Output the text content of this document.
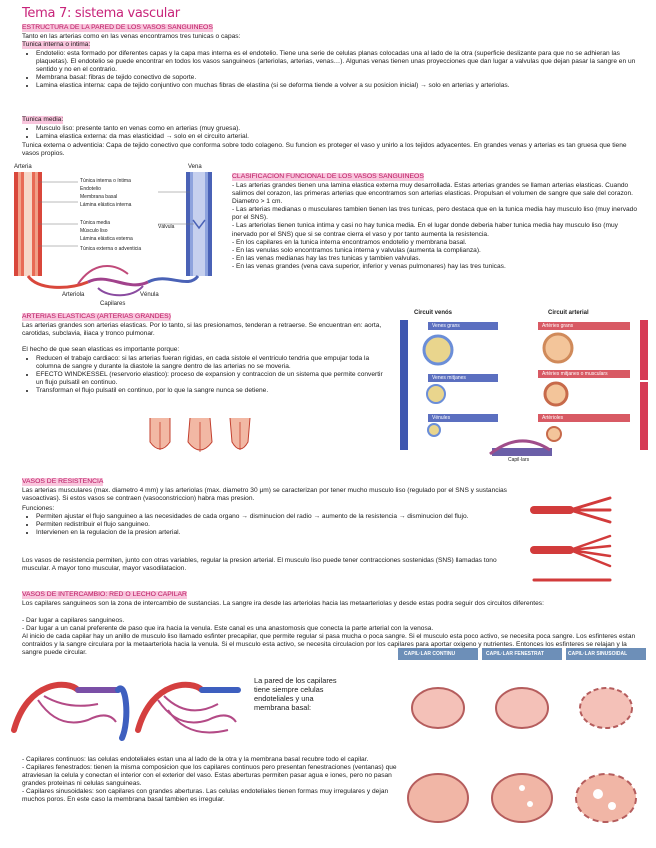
Tema 7: sistema vascular
ESTRUCTURA DE LA PARED DE LOS VASOS SANGUINEOS
Tanto en las arterias como en las venas encontramos tres tunicas o capas:
Tunica interna o intima:
• Endotelio: esta formado por diferentes capas y la capa mas interna es el endotelio. Tiene una serie de celulas planas colocadas una al lado de la otra (superficie deslizante para que no se adhieran las plaquetas). El endotelio se puede encontrar en todos los vasos sanguineos (arteriolas, arterias, venas…). Algunas venas tienen unas proyecciones que dan lugar a valvulas que dejan pasar la sangre en un sentido y no en el contrario.
• Membrana basal: fibras de tejido conectivo de soporte.
• Lamina elastica interna: capa de tejido conjuntivo con muchas fibras de elastina (si se deforma tiende a volver a su posicion inicial) → solo en arterias y arteriolas.
Tunica media:
• Musculo liso: presente tanto en venas como en arterias (muy gruesa).
• Lamina elastica externa: da mas elasticidad → solo en el circuito arterial.
Tunica externa o adventicia: Capa de tejido conectivo que conforma sobre todo colageno. Su funcion es proteger el vaso y unirlo a los tejidos adyacentes. En grandes venas y arterias es tan gruesa que tiene vasos propios.
Arteria	Vena
Túnica interna o íntima
Endotelio
Membrana basal
Lámina elástica interna
Túnica media
Músculo liso
Lámina elástica externa
Túnica externa o adventicia
Válvula
Arteriola	Vénula
Capilares
CLASIFICACION FUNCIONAL DE LOS VASOS SANGUINEOS
- Las arterias grandes tienen una lamina elastica externa muy desarrollada. Estas arterias grandes se llaman arterias elasticas. Cuando salimos del corazon, las primeras arterias que encontramos son arterias elasticas. Propulsan el volumen de sangre que sale del corazon. Diametro > 1 cm.
- Las arterias medianas o musculares tambien tienen las tres tunicas, pero destaca que en la tunica media hay musculo liso (muy inervado por el SNS).
- Las arteriolas tienen tunica intima y casi no hay tunica media. En el lugar donde deberia haber tunica media hay musculo liso (muy inervado por el SNS) que si se contrae cierra el vaso y por tanto aumenta la resistencia.
- En los capilares en la tunica interna encontramos endotelio y membrana basal.
- En las venulas solo encontramos tunica interna y valvulas (aumenta la complianza).
- En las venas medianas hay las tres tunicas y tambien valvulas.
- En las venas grandes (vena cava superior, inferior y venas pulmonares) hay las tres tunicas.
ARTERIAS ELASTICAS (ARTERIAS GRANDES)
Las arterias grandes son arterias elasticas. Por lo tanto, si las presionamos, tenderan a retraerse. Se encuentran en: aorta, carotidas, subclavia, iliaca y tronco pulmonar.
El hecho de que sean elasticas es importante porque:
• Reducen el trabajo cardiaco: si las arterias fueran rigidas, en cada sistole el ventriculo tendria que empujar toda la columna de sangre y durante la diastole la sangre dentro de las arterias no se moveria.
• EFECTO WINDKESSEL (reservorio elastico): proceso de expansion y contraccion de un sistema que permite convertir un flujo pulsatil en continuo.
• Transforman el flujo pulsatil en continuo, por lo que la sangre nunca se detiene.
Circuit venós	Circuit arterial
Venes grans
Venes mitjanes
Vénules
Artèries grans
Artèries mitjanes o musculars
Artèrioles
Capil·lars
VASOS DE RESISTENCIA
Las arterias musculares (max. diametro 4 mm) y las arteriolas (max. diametro 30 μm) se caracterizan por tener mucho musculo liso (regulado por el SNS y sustancias vasoactivas). Si estos vasos se contraen (vasoconstriccion) habra mas presion.
Funciones:
• Permiten ajustar el flujo sanguineo a las necesidades de cada organo → disminucion del radio → aumento de la resistencia → disminucion del flujo.
• Permiten redistribuir el flujo sanguineo.
• Intervienen en la regulacion de la presion arterial.
Los vasos de resistencia permiten, junto con otras variables, regular la presion arterial. El musculo liso puede tener contracciones sostenidas (SNS) llamadas tono muscular. A mayor tono muscular, mayor vasodilatacion.
VASOS DE INTERCAMBIO: RED O LECHO CAPILAR
Los capilares sanguineos son la zona de intercambio de sustancias. La sangre ira desde las arteriolas hacia las metaarteriolas y desde estas podra seguir dos circuitos diferentes:
- Dar lugar a capilares sanguineos.
- Dar lugar a un canal preferente de paso que ira hacia la venula. Este canal es una anastomosis que conecta la parte arterial con la venosa.
Al inicio de cada capilar hay un anillo de musculo liso llamado esfinter precapilar, que permite regular si pasa mucha o poca sangre. Si el musculo esta poco activo, se necesita poca sangre. Los esfinteres estan contraidos y la sangre circulara por la metaarteriola hacia la venula. Si el musculo esta activo, se necesita circulacion por los capilares para aportar oxigeno y nutrientes. Entonces los esfinteres se relajan y la sangre puede circular.
La pared de los capilares tiene siempre celulas endoteliales y una membrana basal:
- Capilares continuos: las celulas endoteliales estan una al lado de la otra y la membrana basal recubre todo el capilar.
- Capilares fenestrados: tienen la misma composicion que los capilares continuos pero presentan fenestraciones (ventanas) que atraviesan la celula y conectan el interior con el exterior del vaso. Estas aberturas permiten pasar agua e iones, pero no pasan grandes proteinas ni celulas sanguineas.
- Capilares sinusoidales: son capilares con grandes aberturas. Las celulas endoteliales tienen formas muy irregulares y dejan muchos poros. En este caso la membrana basal tambien es irregular.
CAPIL·LAR CONTINU	CAPIL·LAR FENESTRAT	CAPIL·LAR SINUSOIDAL
